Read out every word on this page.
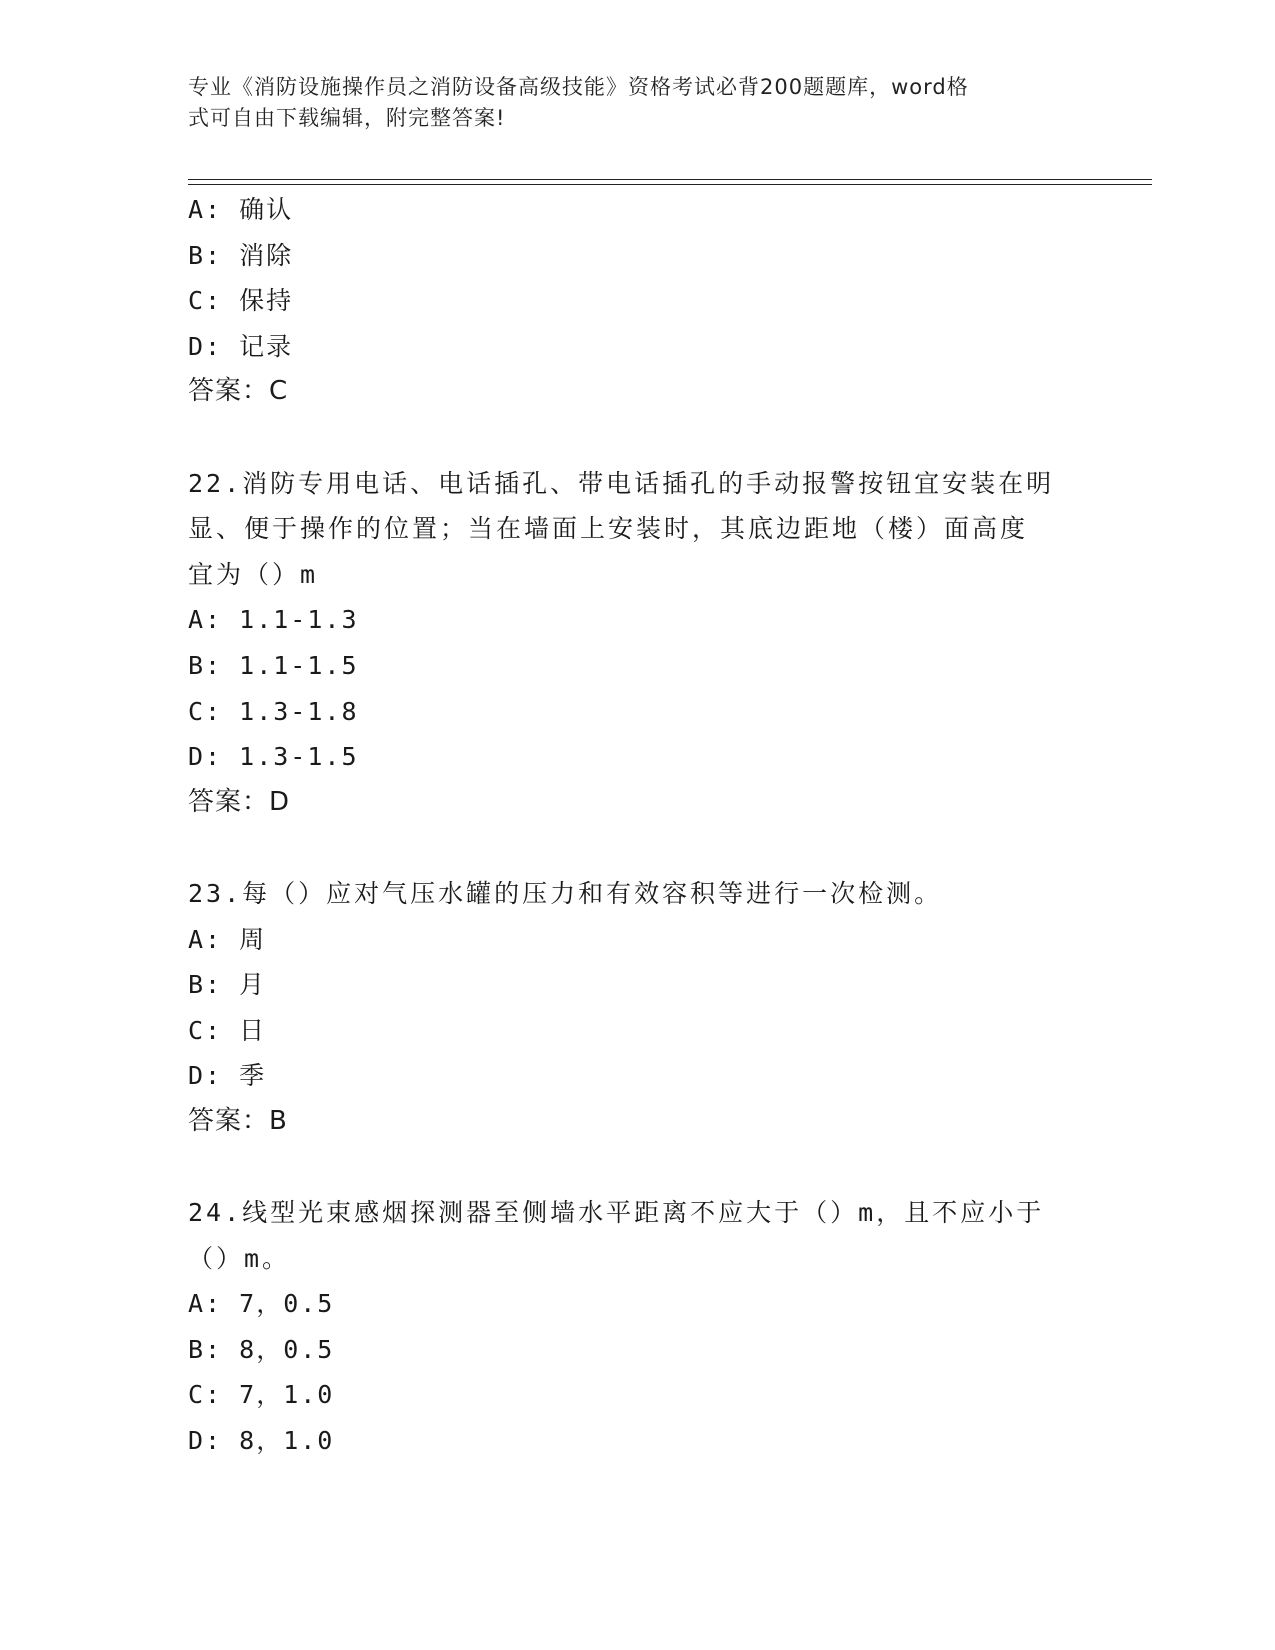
专业《消防设施操作员之消防设备高级技能》资格考试必背200题题库，word格
式可自由下载编辑，附完整答案!
A: 确认
B: 消除
C: 保持
D: 记录
答案：C
22.消防专用电话、电话插孔、带电话插孔的手动报警按钮宜安装在明
显、便于操作的位置；当在墙面上安装时，其底边距地（楼）面高度
宜为（）m
A: 1.1-1.3
B: 1.1-1.5
C: 1.3-1.8
D: 1.3-1.5
答案：D
23.每（）应对气压水罐的压力和有效容积等进行一次检测。
A: 周
B: 月
C: 日
D: 季
答案：B
24.线型光束感烟探测器至侧墙水平距离不应大于（）m，且不应小于
（）m。
A: 7，0.5
B: 8，0.5
C: 7，1.0
D: 8，1.0
